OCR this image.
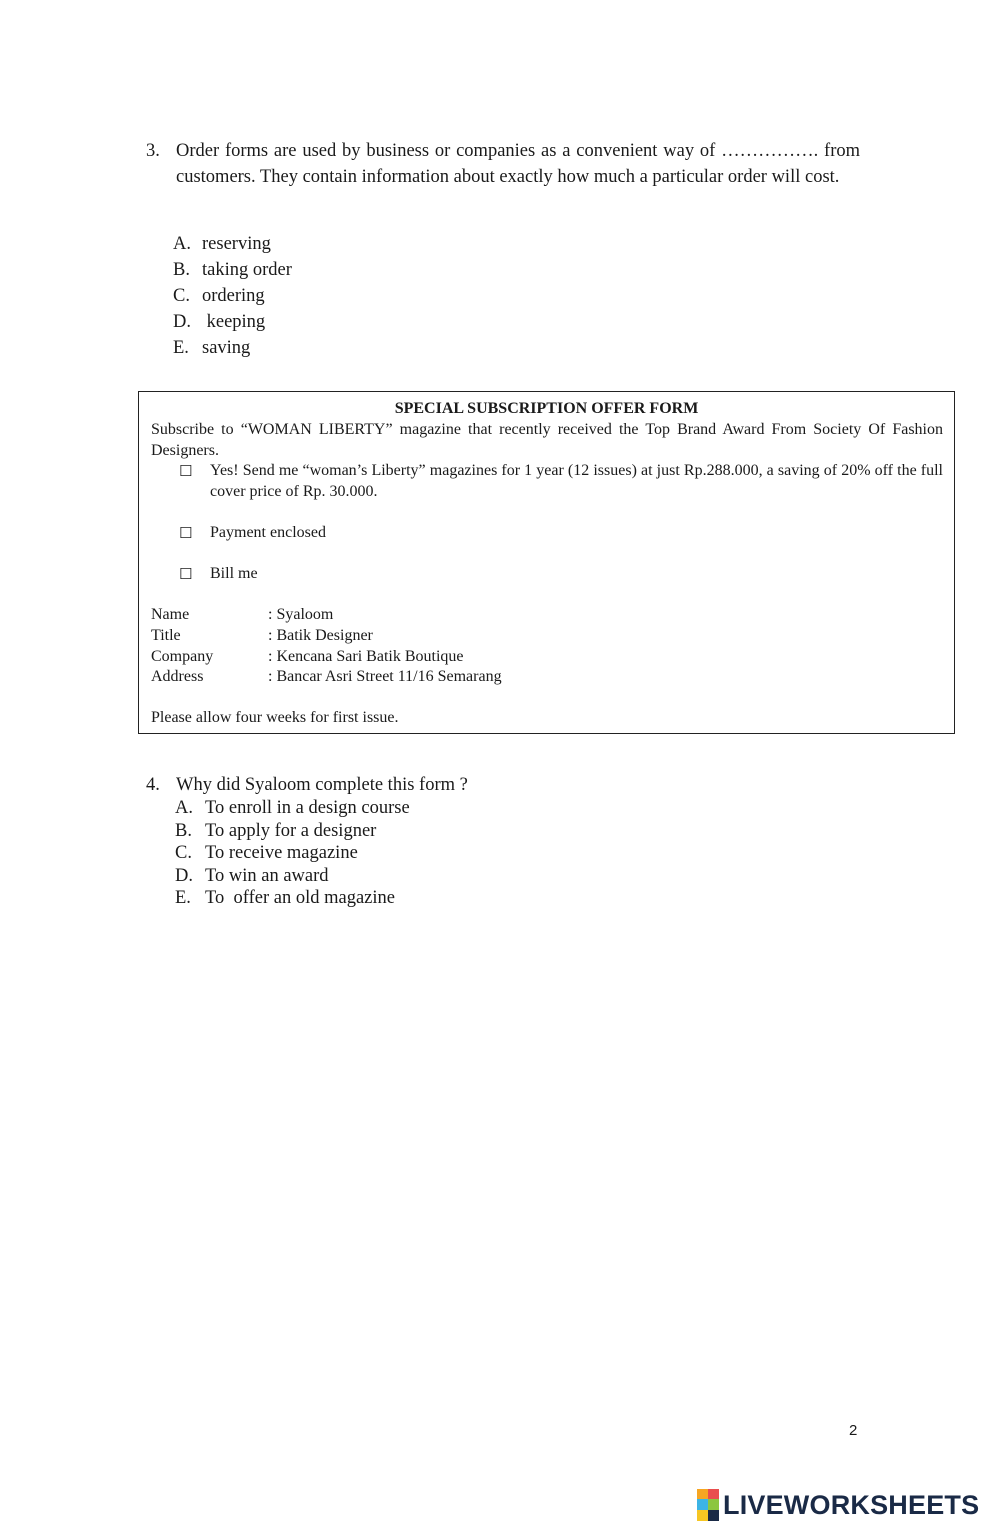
3. Order forms are used by business or companies as a convenient way of ……………. from customers. They contain information about exactly how much a particular order will cost.
A. reserving
B. taking order
C. ordering
D. keeping
E. saving
SPECIAL SUBSCRIPTION OFFER FORM
Subscribe to “WOMAN LIBERTY” magazine that recently received the Top Brand Award From Society Of Fashion Designers.
☐ Yes! Send me “woman’s Liberty” magazines for 1 year (12 issues) at just Rp.288.000, a saving of 20% off the full cover price of Rp. 30.000.
☐ Payment enclosed
☐ Bill me
Name	: Syaloom
Title	: Batik Designer
Company	: Kencana Sari Batik Boutique
Address	: Bancar Asri Street 11/16 Semarang
Please allow four weeks for first issue.
4. Why did Syaloom complete this form ?
A. To enroll in a design course
B. To apply for a designer
C. To receive magazine
D. To win an award
E. To  offer an old magazine
2
LIVEWORKSHEETS
